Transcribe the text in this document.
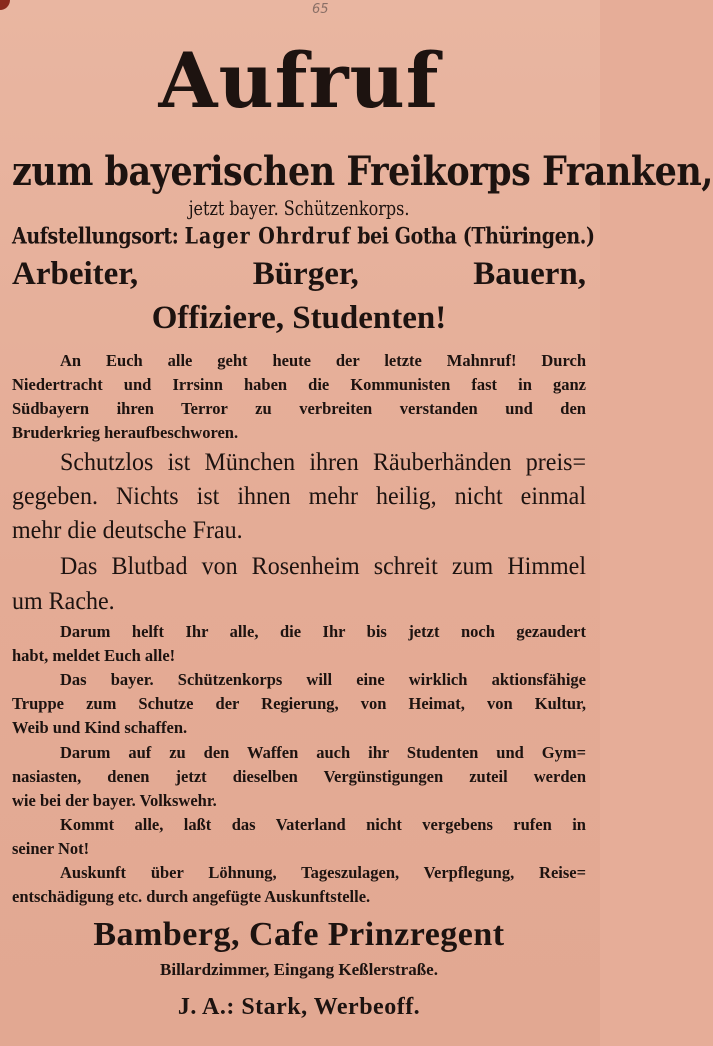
65
Aufruf
zum bayerischen Freikorps Franken,
jetzt bayer. Schützenkorps.
Aufstellungsort: Lager Ohrdruf bei Gotha (Thüringen.)
Arbeiter,	Bürger,	Bauern,
Offiziere, Studenten!
An Euch alle geht heute der letzte Mahnruf! Durch
Niedertracht und Irrsinn haben die Kommunisten fast in ganz
Südbayern ihren Terror zu verbreiten verstanden und den
Bruderkrieg heraufbeschworen.
Schutzlos ist München ihren Räuberhänden preis=
gegeben. Nichts ist ihnen mehr heilig, nicht einmal
mehr die deutsche Frau.
Das Blutbad von Rosenheim schreit zum Himmel
um Rache.
Darum helft Ihr alle, die Ihr bis jetzt noch gezaudert
habt, meldet Euch alle!
Das bayer. Schützenkorps will eine wirklich aktionsfähige
Truppe zum Schutze der Regierung, von Heimat, von Kultur,
Weib und Kind schaffen.
Darum auf zu den Waffen auch ihr Studenten und Gym=
nasiasten, denen jetzt dieselben Vergünstigungen zuteil werden
wie bei der bayer. Volkswehr.
Kommt alle, laßt das Vaterland nicht vergebens rufen in
seiner Not!
Auskunft über Löhnung, Tageszulagen, Verpflegung, Reise=
entschädigung etc. durch angefügte Auskunftstelle.
Bamberg, Cafe Prinzregent
Billardzimmer, Eingang Keßlerstraße.
J. A.: Stark, Werbeoff.
